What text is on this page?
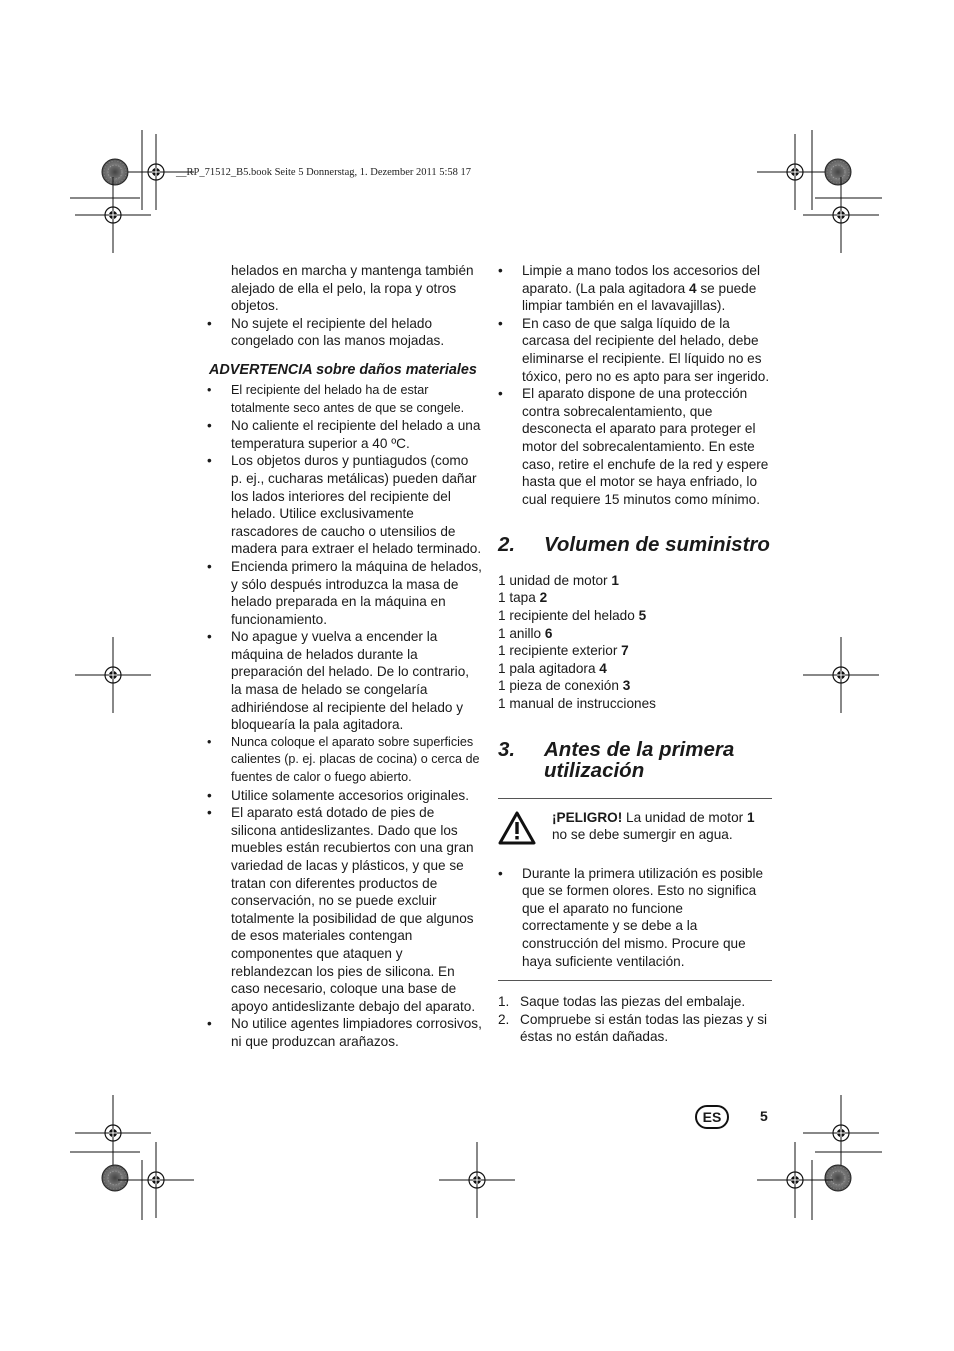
__RP_71512_B5.book Seite 5 Donnerstag, 1. Dezember 2011 5:58 17

helados en marcha y mantenga también alejado de ella el pelo, la ropa y otros objetos.

•	No sujete el recipiente del helado congelado con las manos mojadas.
ADVERTENCIA sobre daños materiales
•	El recipiente del helado ha de estar totalmente seco antes de que se congele.
•	No caliente el recipiente del helado a una temperatura superior a 40 ºC.
•	Los objetos duros y puntiagudos (como p. ej., cucharas metálicas) pueden dañar los lados interiores del recipiente del helado. Utilice exclusivamente rascadores de caucho o utensilios de madera para extraer el helado terminado.
•	Encienda primero la máquina de helados, y sólo después introduzca la masa de helado preparada en la máquina en funcionamiento.
•	No apague y vuelva a encender la máquina de helados durante la preparación del helado. De lo contrario, la masa de helado se congelaría adhiriéndose al recipiente del helado y bloquearía la pala agitadora.
•	Nunca coloque el aparato sobre superficies calientes (p. ej. placas de cocina) o cerca de fuentes de calor o fuego abierto.
•	Utilice solamente accesorios originales.
•	El aparato está dotado de pies de silicona antideslizantes. Dado que los muebles están recubiertos con una gran variedad de lacas y plásticos, y que se tratan con diferentes productos de conservación, no se puede excluir totalmente la posibilidad de que algunos de esos materiales contengan componentes que ataquen y reblandezcan los pies de silicona. En caso necesario, coloque una base de apoyo antideslizante debajo del aparato.
•	No utilice agentes limpiadores corrosivos, ni que produzcan arañazos.
•	Limpie a mano todos los accesorios del aparato. (La pala agitadora 4 se puede limpiar también en el lavavajillas).
•	En caso de que salga líquido de la carcasa del recipiente del helado, debe eliminarse el recipiente. El líquido no es tóxico, pero no es apto para ser ingerido.
•	El aparato dispone de una protección contra sobrecalentamiento, que desconecta el aparato para proteger el motor del sobrecalentamiento. En este caso, retire el enchufe de la red y espere hasta que el motor se haya enfriado, lo cual requiere 15 minutos como mínimo.
2. Volumen de suministro
1 unidad de motor 1
1 tapa 2
1 recipiente del helado 5
1 anillo 6
1 recipiente exterior 7
1 pala agitadora 4
1 pieza de conexión 3
1 manual de instrucciones
3. Antes de la primera utilización
¡PELIGRO! La unidad de motor 1 no se debe sumergir en agua.
•	Durante la primera utilización es posible que se formen olores. Esto no significa que el aparato no funcione correctamente y se debe a la construcción del mismo. Procure que haya suficiente ventilación.
1. Saque todas las piezas del embalaje.
2. Compruebe si están todas las piezas y si éstas no están dañadas.
ES	5
